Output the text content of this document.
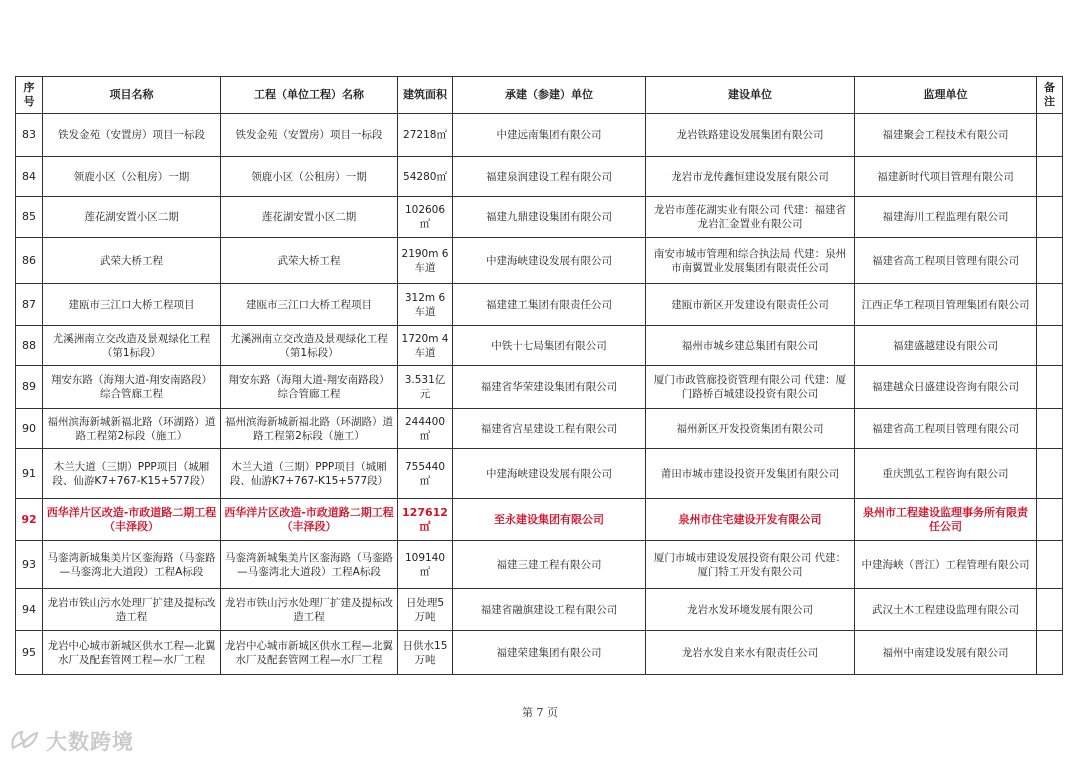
序号	项目名称	工程（单位工程）名称	建筑面积	承建（参建）单位	建设单位	监理单位	备注
83	铁发金苑（安置房）项目一标段	铁发金苑（安置房）项目一标段	27218㎡	中建远南集团有限公司	龙岩铁路建设发展集团有限公司	福建聚会工程技术有限公司	
84	领鹿小区（公租房）一期	领鹿小区（公租房）一期	54280㎡	福建泉润建设工程有限公司	龙岩市龙传鑫恒建设发展有限公司	福建新时代项目管理有限公司	
85	莲花湖安置小区二期	莲花湖安置小区二期	102606㎡	福建九鼎建设集团有限公司	龙岩市莲花湖实业有限公司 代建：福建省龙岩汇金置业有限公司	福建海川工程监理有限公司	
86	武荣大桥工程	武荣大桥工程	2190m 6车道	中建海峡建设发展有限公司	南安市城市管理和综合执法局 代建：泉州市南翼置业发展集团有限责任公司	福建省高工程项目管理有限公司	
87	建瓯市三江口大桥工程项目	建瓯市三江口大桥工程项目	312m 6车道	福建建工集团有限责任公司	建瓯市新区开发建设有限责任公司	江西正华工程项目管理集团有限公司	
88	尤溪洲南立交改造及景观绿化工程（第1标段）	尤溪洲南立交改造及景观绿化工程（第1标段）	1720m 4车道	中铁十七局集团有限公司	福州市城乡建总集团有限公司	福建盛越建设有限公司	
89	翔安东路（海翔大道-翔安南路段）综合管廊工程	翔安东路（海翔大道-翔安南路段）综合管廊工程	3.531亿元	福建省华荣建设集团有限公司	厦门市政管廊投资管理有限公司 代建：厦门路桥百城建设投资有限公司	福建越众日盛建设咨询有限公司	
90	福州滨海新城新福北路（环湖路）道路工程第2标段（施工）	福州滨海新城新福北路（环湖路）道路工程第2标段（施工）	244400㎡	福建省宫星建设工程有限公司	福州新区开发投资集团有限公司	福建省高工程项目管理有限公司	
91	木兰大道（三期）PPP项目（城厢段、仙游K7+767-K15+577段）	木兰大道（三期）PPP项目（城厢段、仙游K7+767-K15+577段）	755440㎡	中建海峡建设发展有限公司	莆田市城市建设投资开发集团有限公司	重庆凯弘工程咨询有限公司	
92	西华洋片区改造-市政道路二期工程（丰泽段）	西华洋片区改造-市政道路二期工程（丰泽段）	127612㎡	至永建设集团有限公司	泉州市住宅建设开发有限公司	泉州市工程建设监理事务所有限责任公司	
93	马銮湾新城集美片区銮海路（马銮路—马銮湾北大道段）工程A标段	马銮湾新城集美片区銮海路（马銮路—马銮湾北大道段）工程A标段	109140㎡	福建三建工程有限公司	厦门市城市建设发展投资有限公司 代建：厦门特工开发有限公司	中建海峡（晋江）工程管理有限公司	
94	龙岩市铁山污水处理厂扩建及提标改造工程	龙岩市铁山污水处理厂扩建及提标改造工程	日处理5万吨	福建省融旗建设工程有限公司	龙岩水发环境发展有限公司	武汉土木工程建设监理有限公司	
95	龙岩中心城市新城区供水工程—北翼水厂及配套管网工程—水厂工程	龙岩中心城市新城区供水工程—北翼水厂及配套管网工程—水厂工程	日供水15万吨	福建荣建集团有限公司	龙岩水发自来水有限责任公司	福州中南建设发展有限公司	
第 7 页
大数跨境
